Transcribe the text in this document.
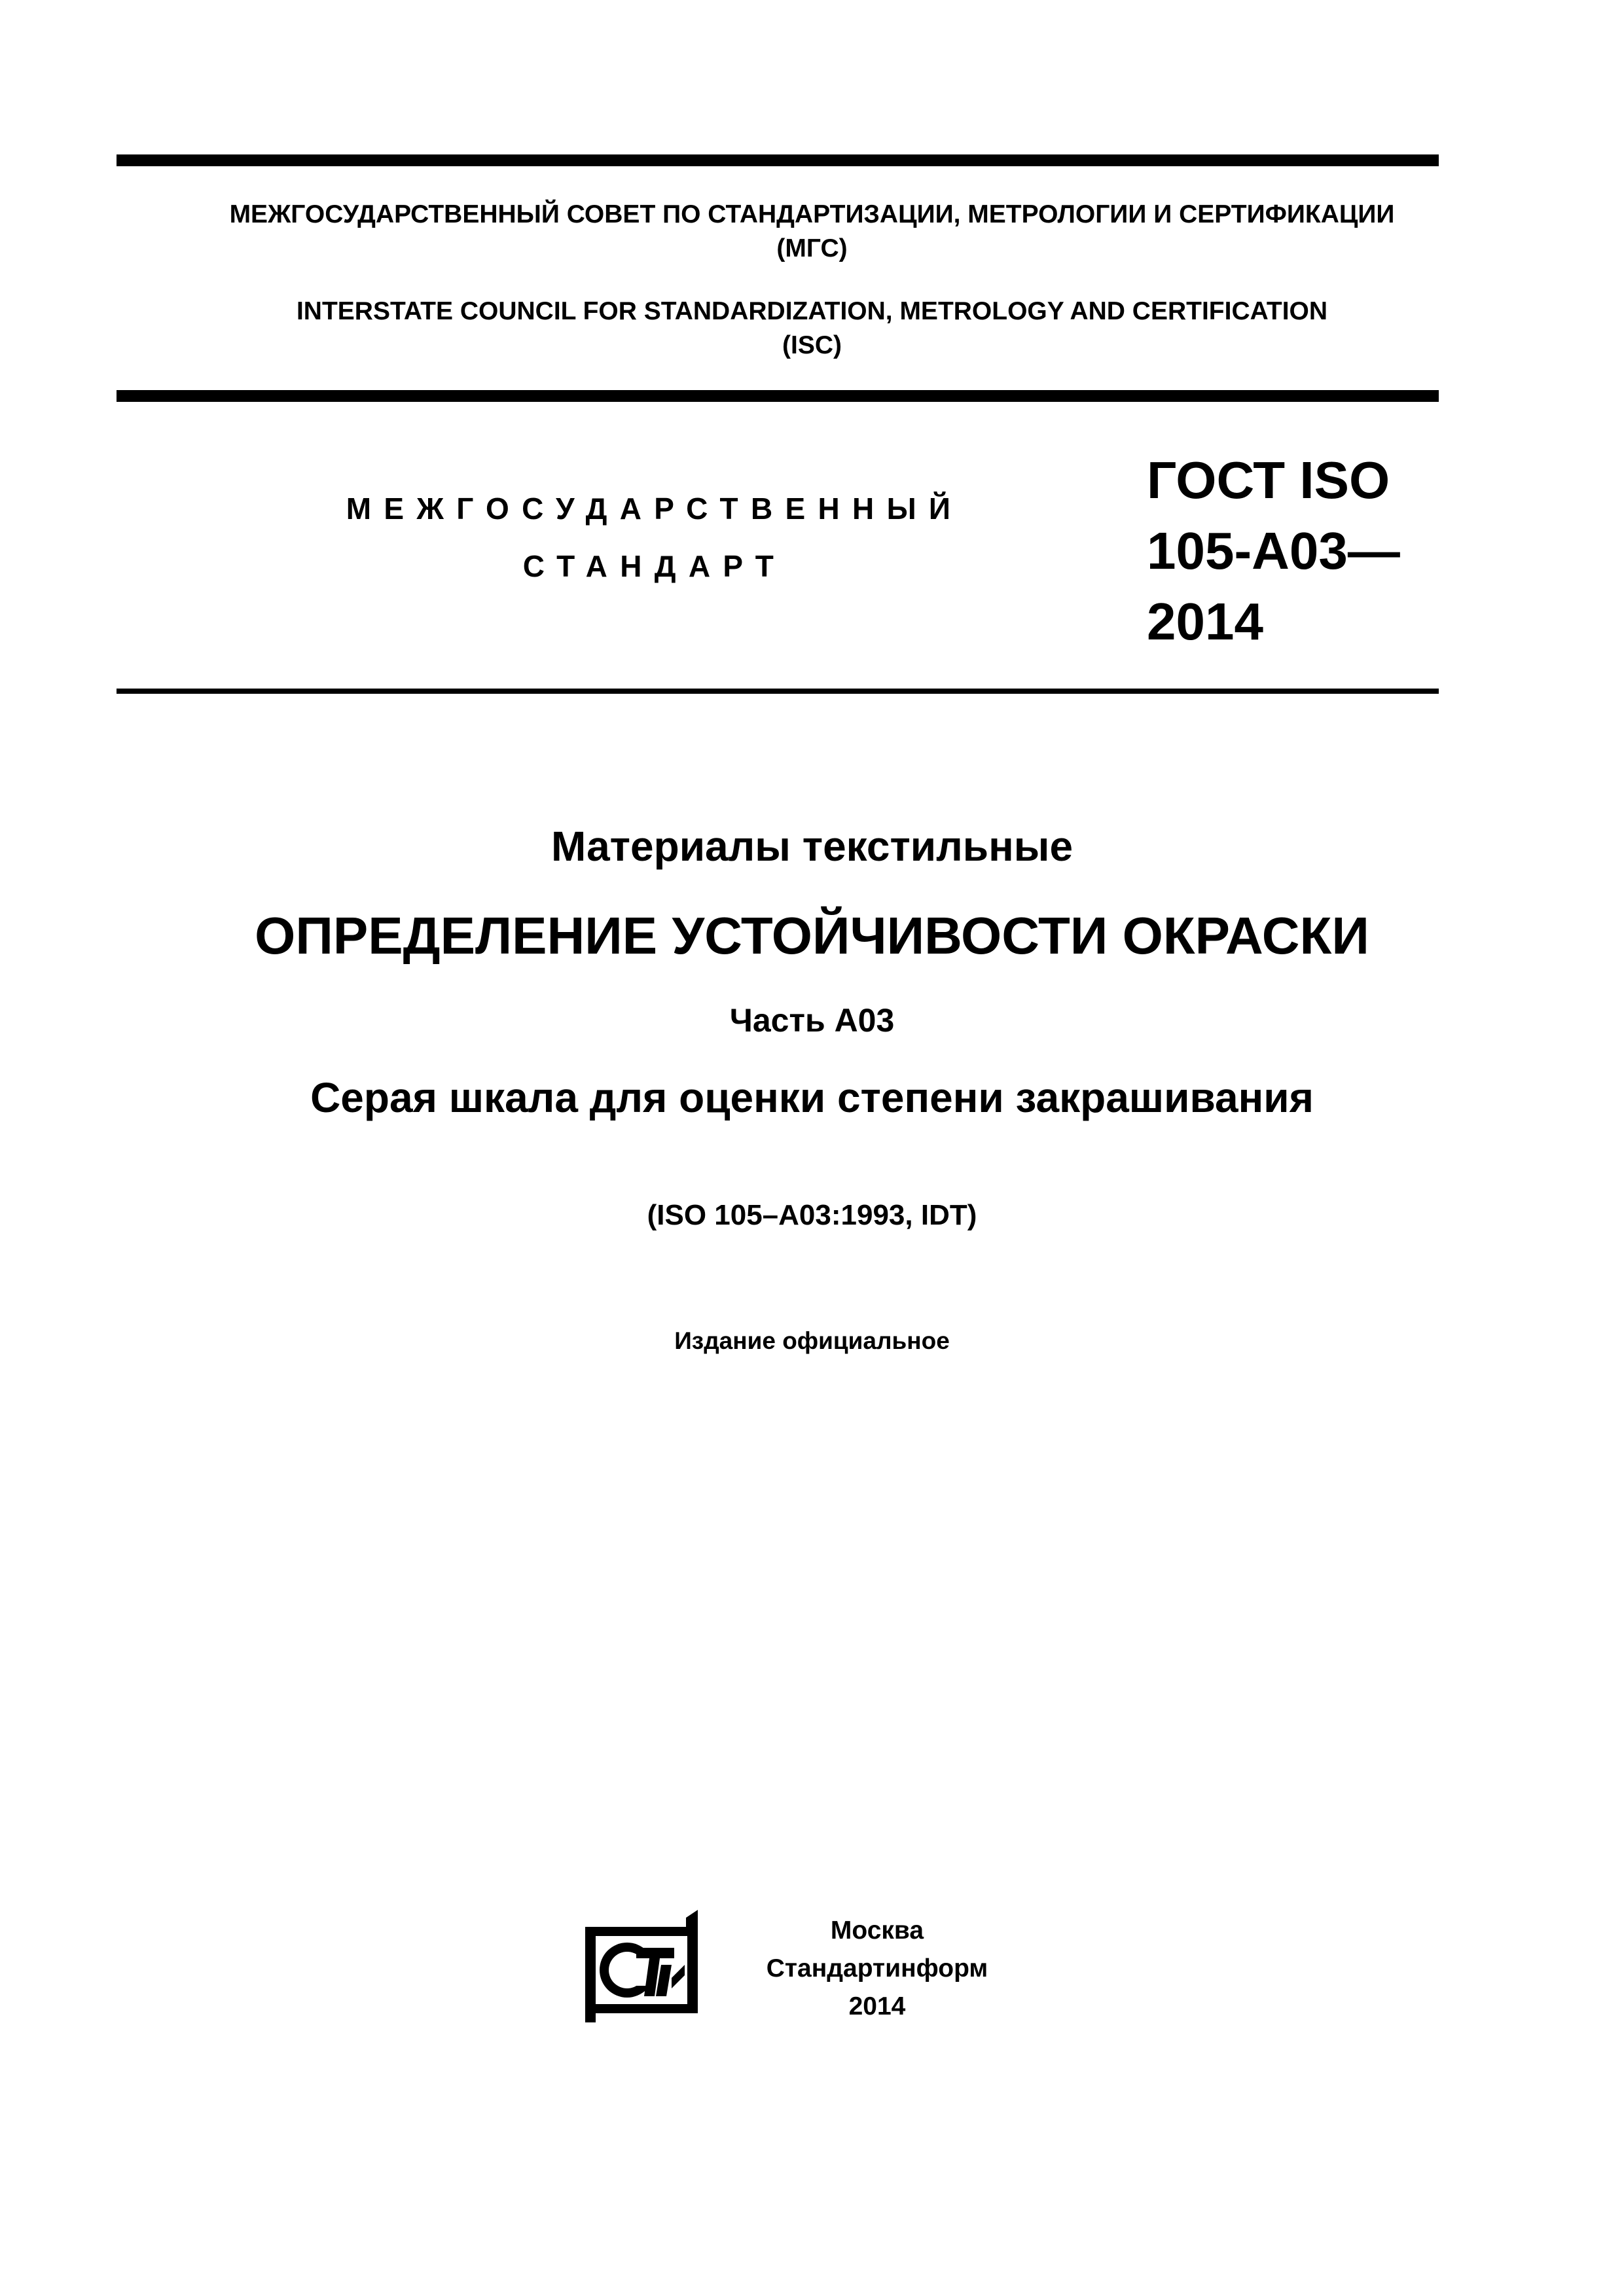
МЕЖГОСУДАРСТВЕННЫЙ СОВЕТ ПО СТАНДАРТИЗАЦИИ, МЕТРОЛОГИИ И СЕРТИФИКАЦИИ
(МГС)
INTERSTATE COUNCIL FOR STANDARDIZATION, METROLOGY AND CERTIFICATION
(ISC)
МЕЖГОСУДАРСТВЕННЫЙ
СТАНДАРТ
ГОСТ ISO
105-A03—
2014
Материалы текстильные
ОПРЕДЕЛЕНИЕ УСТОЙЧИВОСТИ ОКРАСКИ
Часть A03
Серая шкала для оценки степени закрашивания
(ISO 105–A03:1993, IDT)
Издание официальное
Москва
Стандартинформ
2014
